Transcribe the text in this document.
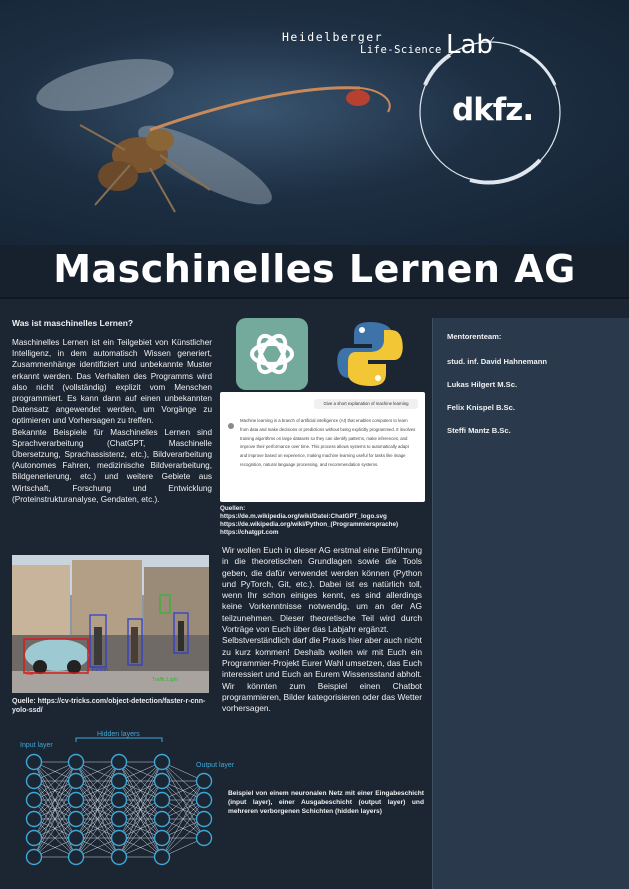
Heidelberger
Life-Science Lab
dkfz.
Maschinelles Lernen AG

Was ist maschinelles Lernen?

Maschinelles Lernen ist ein Teilgebiet von Künstlicher Intelligenz, in dem automatisch Wissen generiert, Zusammenhänge identifiziert und unbekannte Muster erkannt werden. Das Verhalten des Programms wird also nicht (vollständig) explizit vom Menschen programmiert. Es kann dann auf einen unbekannten Datensatz angewendet werden, um Vorgänge zu optimieren und Vorhersagen zu treffen.

Bekannte Beispiele für Maschinelles Lernen sind Sprachverarbeitung (ChatGPT, Maschinelle Übersetzung, Sprachassistenz, etc.), Bildverarbeitung (Autonomes Fahren, medizinische Bildverarbeitung, Bildgenerierung, etc.) und weitere Gebiete aus Wirtschaft, Forschung und Entwicklung (Proteinstrukturanalyse, Gendaten, etc.).

Car
Person
Traffic Light
Quelle: https://cv-tricks.com/object-detection/faster-r-cnn-yolo-ssd/
Give a short explanation of machine learning
Machine learning is a branch of artificial intelligence (AI) that enables computers to learn from data and make decisions or predictions without being explicitly programmed. It involves training algorithms on large datasets so they can identify patterns, make inferences, and improve their performance over time. This process allows systems to automatically adapt and improve based on experience, making machine learning useful for tasks like image recognition, natural language processing, and recommendation systems.
Quellen:
https://de.m.wikipedia.org/wiki/Datei:ChatGPT_logo.svg
https://de.wikipedia.org/wiki/Python_(Programmiersprache)
https://chatgpt.com
Wir wollen Euch in dieser AG erstmal eine Einführung in die theoretischen Grundlagen sowie die Tools geben, die dafür verwendet werden können (Python und PyTorch, Git, etc.). Dabei ist es natürlich toll, wenn Ihr schon einiges kennt, es sind allerdings keine Vorkenntnisse notwendig, um an der AG teilzunehmen. Dieser theoretische Teil wird durch Vorträge von Euch über das Labjahr ergänzt.
Selbstverständlich darf die Praxis hier aber auch nicht zu kurz kommen! Deshalb wollen wir mit Euch ein Programmier-Projekt Eurer Wahl umsetzen, das Euch interessiert und Euch an Eurem Wissensstand abholt. Wir könnten zum Beispiel einen Chatbot programmieren, Bilder kategorisieren oder das Wetter vorhersagen.
Mentorenteam:
stud. inf. David Hahnemann
Lukas Hilgert M.Sc.
Felix Knispel B.Sc.
Steffi Mantz B.Sc.
Input layer
Hidden layers
Output layer
Beispiel von einem neuronalen Netz mit einer Eingabeschicht (input layer), einer Ausgabeschicht (output layer) und mehreren verborgenen Schichten (hidden layers)
